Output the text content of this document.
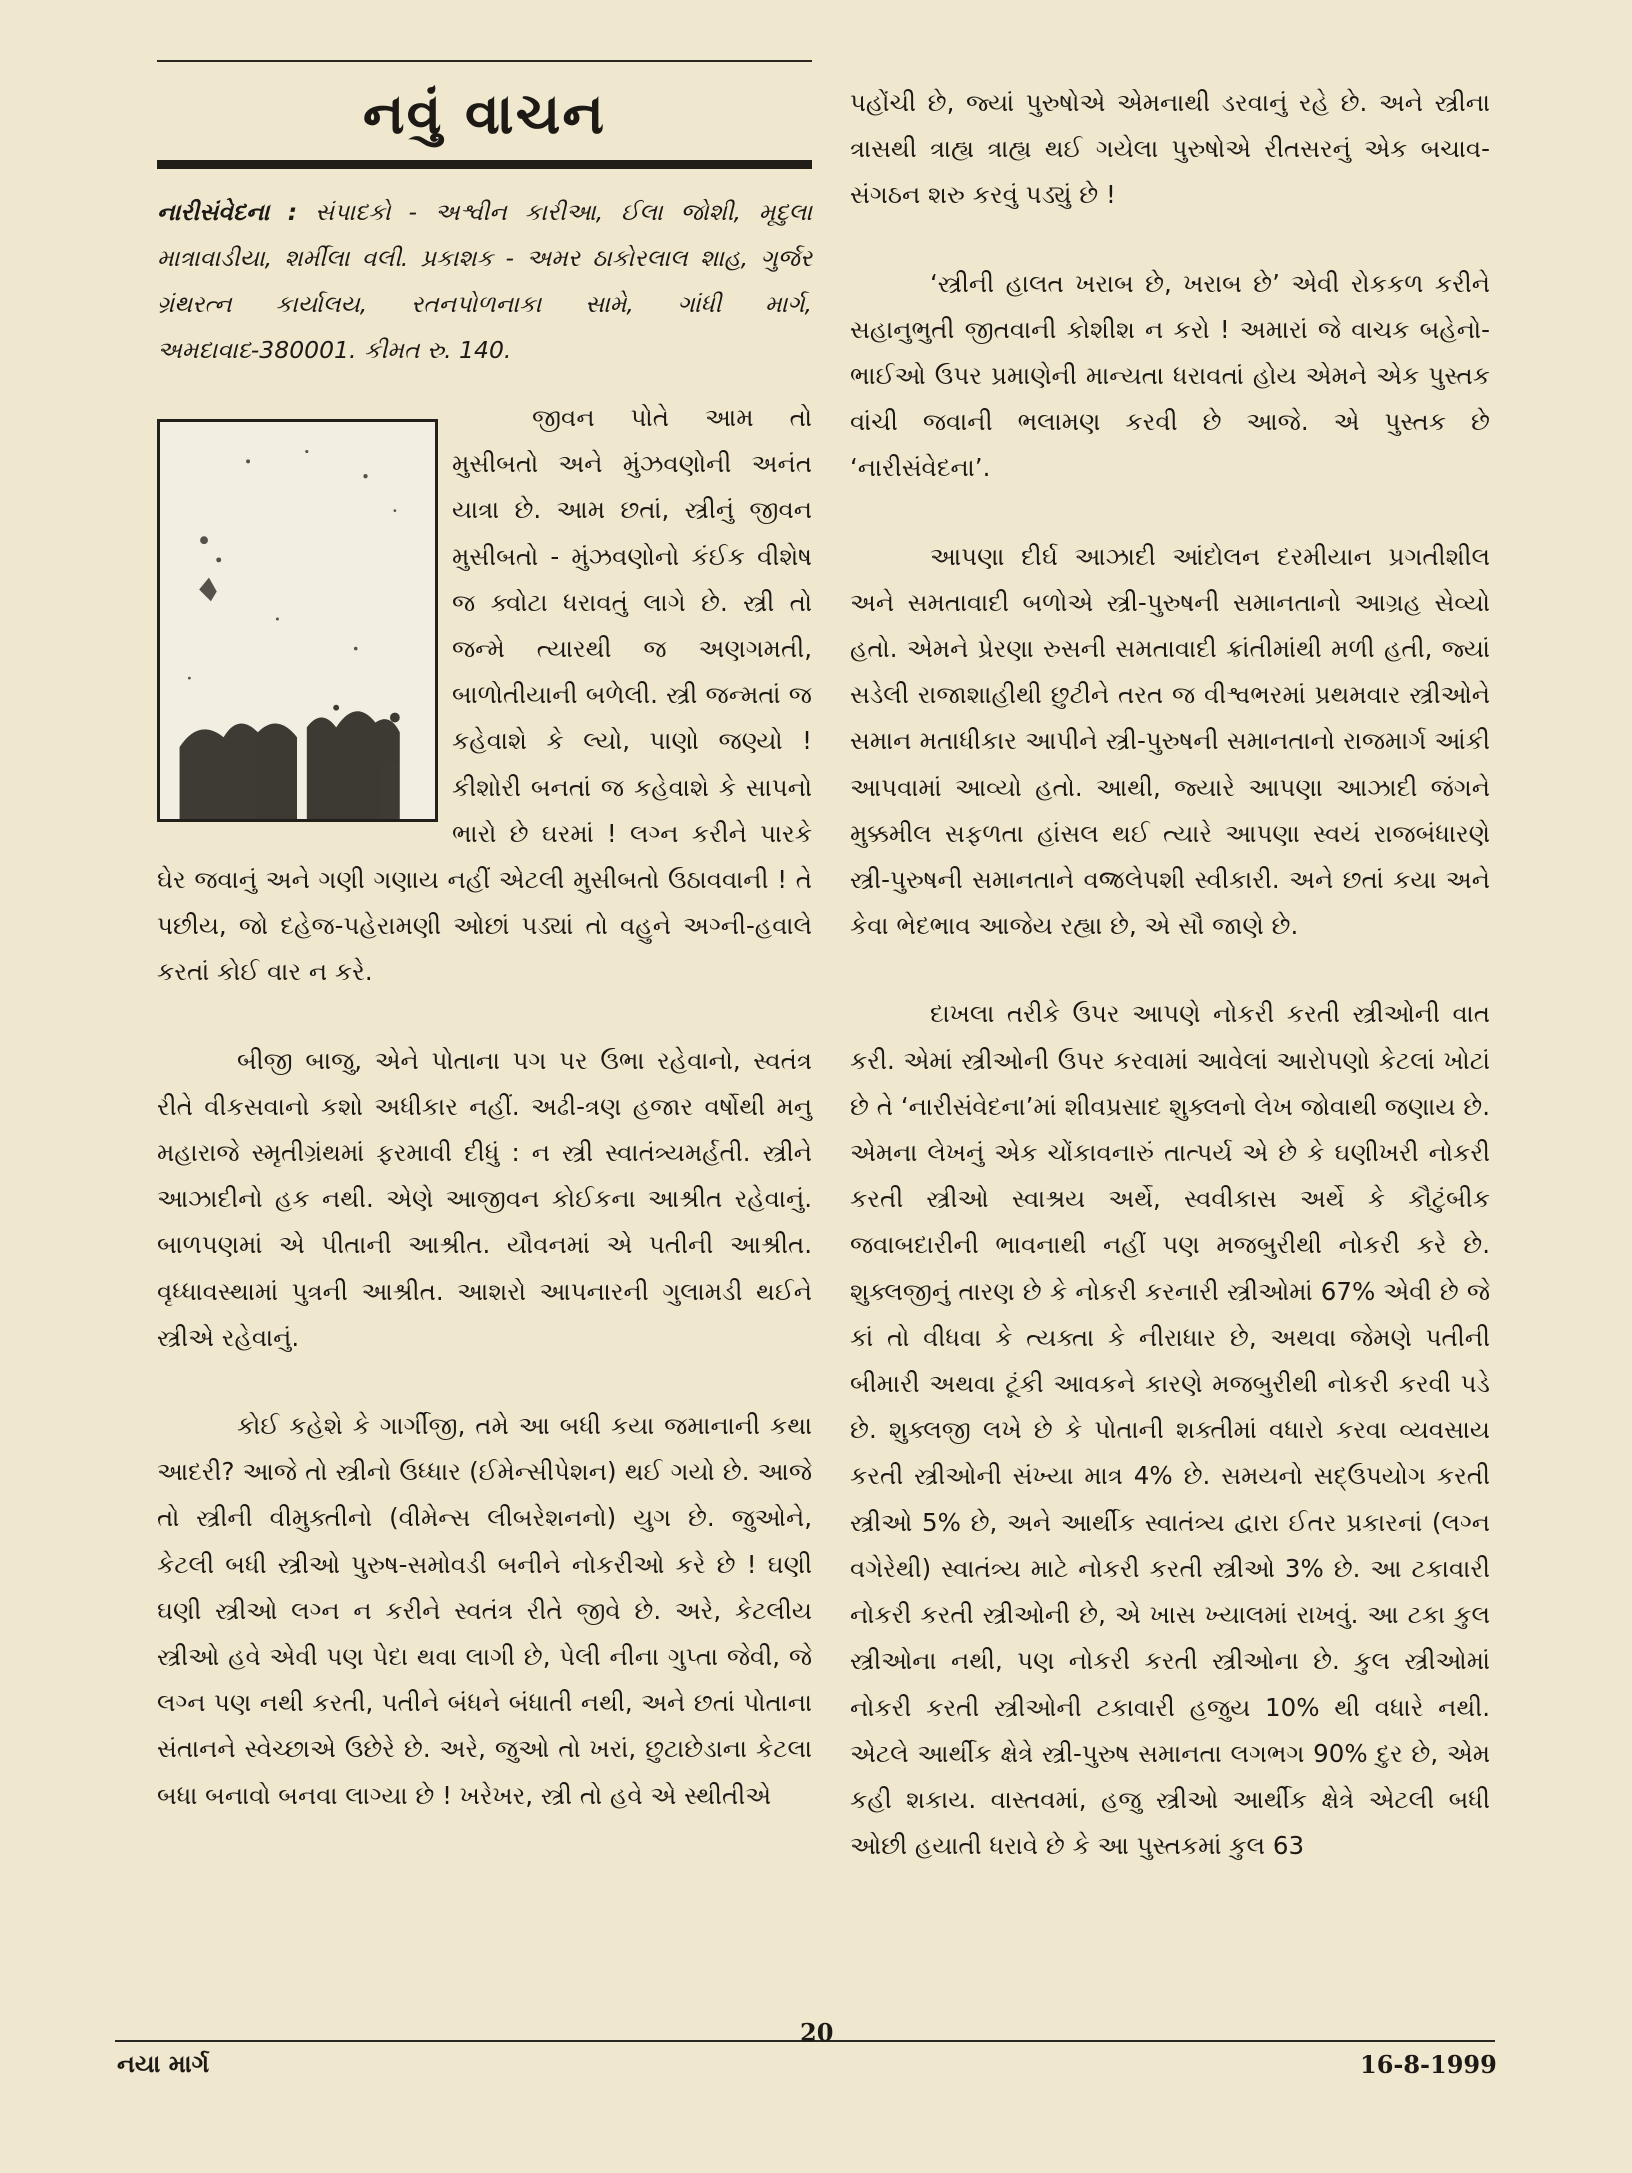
નવું વાચન
નારીસંવેદના : સંપાદકો - અશ્વીન કારીઆ, ઈલા જોશી, મૃદુલા માત્રાવાડીયા, શર્મીલા વલી. પ્રકાશક - અમર ઠાકોરલાલ શાહ, ગુર્જર ગ્રંથરત્ન કાર્યાલય, રતનપોળનાકા સામે, ગાંધી માર્ગ, અમદાવાદ-380001. કીમત રુ. 140.

જીવન પોતે આમ તો મુસીબતો અને મુંઝવણોની અનંત યાત્રા છે. આમ છતાં, સ્ત્રીનું જીવન મુસીબતો - મુંઝવણોનો કંઈક વીશેષ જ ક્વોટા ધરાવતું લાગે છે. સ્ત્રી તો જન્મે ત્યારથી જ અણગમતી, બાળોતીયાની બળેલી. સ્ત્રી જન્મતાં જ કહેવાશે કે લ્યો, પાણો જણ્યો ! કીશોરી બનતાં જ કહેવાશે કે સાપનો ભારો છે ઘરમાં ! લગ્ન કરીને પારકે ઘેર જવાનું અને ગણી ગણાય નહીં એટલી મુસીબતો ઉઠાવવાની ! તે પછીય, જો દહેજ-પહેરામણી ઓછાં પડ્યાં તો વહુને અગ્ની-હવાલે કરતાં કોઈ વાર ન કરે.

બીજી બાજુ, એને પોતાના પગ પર ઉભા રહેવાનો, સ્વતંત્ર રીતે વીકસવાનો કશો અધીકાર નહીં. અઢી-ત્રણ હજાર વર્ષોથી મનુ મહારાજે સ્મૃતીગ્રંથમાં ફરમાવી દીધું : ન સ્ત્રી સ્વાતંત્ર્યમર્હતી. સ્ત્રીને આઝાદીનો હક નથી. એણે આજીવન કોઈકના આશ્રીત રહેવાનું. બાળપણમાં એ પીતાની આશ્રીત. યૌવનમાં એ પતીની આશ્રીત. વૃધ્ધાવસ્થામાં પુત્રની આશ્રીત. આશરો આપનારની ગુલામડી થઈને સ્ત્રીએ રહેવાનું.

કોઈ કહેશે કે ગાર્ગીજી, તમે આ બધી કયા જમાનાની કથા આદરી? આજે તો સ્ત્રીનો ઉધ્ધાર (ઈમેન્સીપેશન) થઈ ગયો છે. આજે તો સ્ત્રીની વીમુક્તીનો (વીમેન્સ લીબરેશનનો) યુગ છે. જુઓને, કેટલી બધી સ્ત્રીઓ પુરુષ-સમોવડી બનીને નોકરીઓ કરે છે ! ઘણી ઘણી સ્ત્રીઓ લગ્ન ન કરીને સ્વતંત્ર રીતે જીવે છે. અરે, કેટલીય સ્ત્રીઓ હવે એવી પણ પેદા થવા લાગી છે, પેલી નીના ગુપ્તા જેવી, જે લગ્ન પણ નથી કરતી, પતીને બંધને બંધાતી નથી, અને છતાં પોતાના સંતાનને સ્વેચ્છાએ ઉછેરે છે. અરે, જુઓ તો ખરાં, છુટાછેડાના કેટલા બધા બનાવો બનવા લાગ્યા છે ! ખરેખર, સ્ત્રી તો હવે એ સ્થીતીએ

પહોંચી છે, જ્યાં પુરુષોએ એમનાથી ડરવાનું રહે છે. અને સ્ત્રીના ત્રાસથી ત્રાહ્ય ત્રાહ્ય થઈ ગયેલા પુરુષોએ રીતસરનું એક બચાવ-સંગઠન શરુ કરવું પડ્યું છે !

‘સ્ત્રીની હાલત ખરાબ છે, ખરાબ છે’ એવી રોકકળ કરીને સહાનુભુતી જીતવાની કોશીશ ન કરો ! અમારાં જે વાચક બહેનો-ભાઈઓ ઉપર પ્રમાણેની માન્યતા ધરાવતાં હોય એમને એક પુસ્તક વાંચી જવાની ભલામણ કરવી છે આજે. એ પુસ્તક છે ‘નારીસંવેદના’.

આપણા દીર્ઘ આઝાદી આંદોલન દરમીયાન પ્રગતીશીલ અને સમતાવાદી બળોએ સ્ત્રી-પુરુષની સમાનતાનો આગ્રહ સેવ્યો હતો. એમને પ્રેરણા રુસની સમતાવાદી ક્રાંતીમાંથી મળી હતી, જ્યાં સડેલી રાજાશાહીથી છુટીને તરત જ વીશ્વભરમાં પ્રથમવાર સ્ત્રીઓને સમાન મતાધીકાર આપીને સ્ત્રી-પુરુષની સમાનતાનો રાજમાર્ગ આંકી આપવામાં આવ્યો હતો. આથી, જ્યારે આપણા આઝાદી જંગને મુક્કમીલ સફળતા હાંસલ થઈ ત્યારે આપણા સ્વયં રાજબંધારણે સ્ત્રી-પુરુષની સમાનતાને વજ્રલેપશી સ્વીકારી. અને છતાં કયા અને કેવા ભેદભાવ આજેય રહ્યા છે, એ સૌ જાણે છે.

દાખલા તરીકે ઉપર આપણે નોકરી કરતી સ્ત્રીઓની વાત કરી. એમાં સ્ત્રીઓની ઉપર કરવામાં આવેલાં આરોપણો કેટલાં ખોટાં છે તે ‘નારીસંવેદના’માં શીવપ્રસાદ શુક્લનો લેખ જોવાથી જણાય છે. એમના લેખનું એક ચોંકાવનારું તાત્પર્ય એ છે કે ઘણીખરી નોકરી કરતી સ્ત્રીઓ સ્વાશ્રય અર્થે, સ્વવીકાસ અર્થે કે કૌટુંબીક જવાબદારીની ભાવનાથી નહીં પણ મજબુરીથી નોકરી કરે છે. શુક્લજીનું તારણ છે કે નોકરી કરનારી સ્ત્રીઓમાં 67% એવી છે જે કાં તો વીધવા કે ત્યક્તા કે નીરાધાર છે, અથવા જેમણે પતીની બીમારી અથવા ટૂંકી આવકને કારણે મજબુરીથી નોકરી કરવી પડે છે. શુક્લજી લખે છે કે પોતાની શક્તીમાં વધારો કરવા વ્યવસાય કરતી સ્ત્રીઓની સંખ્યા માત્ર 4% છે. સમયનો સદ્ઉપયોગ કરતી સ્ત્રીઓ 5% છે, અને આર્થીક સ્વાતંત્ર્ય દ્વારા ઈતર પ્રકારનાં (લગ્ન વગેરેથી) સ્વાતંત્ર્ય માટે નોકરી કરતી સ્ત્રીઓ 3% છે. આ ટકાવારી નોકરી કરતી સ્ત્રીઓની છે, એ ખાસ ખ્યાલમાં રાખવું. આ ટકા કુલ સ્ત્રીઓના નથી, પણ નોકરી કરતી સ્ત્રીઓના છે. કુલ સ્ત્રીઓમાં નોકરી કરતી સ્ત્રીઓની ટકાવારી હજુય 10% થી વધારે નથી. એટલે આર્થીક ક્ષેત્રે સ્ત્રી-પુરુષ સમાનતા લગભગ 90% દુર છે, એમ કહી શકાય. વાસ્તવમાં, હજુ સ્ત્રીઓ આર્થીક ક્ષેત્રે એટલી બધી ઓછી હયાતી ધરાવે છે કે આ પુસ્તકમાં કુલ 63

નયા માર્ગ
20
16-8-1999
